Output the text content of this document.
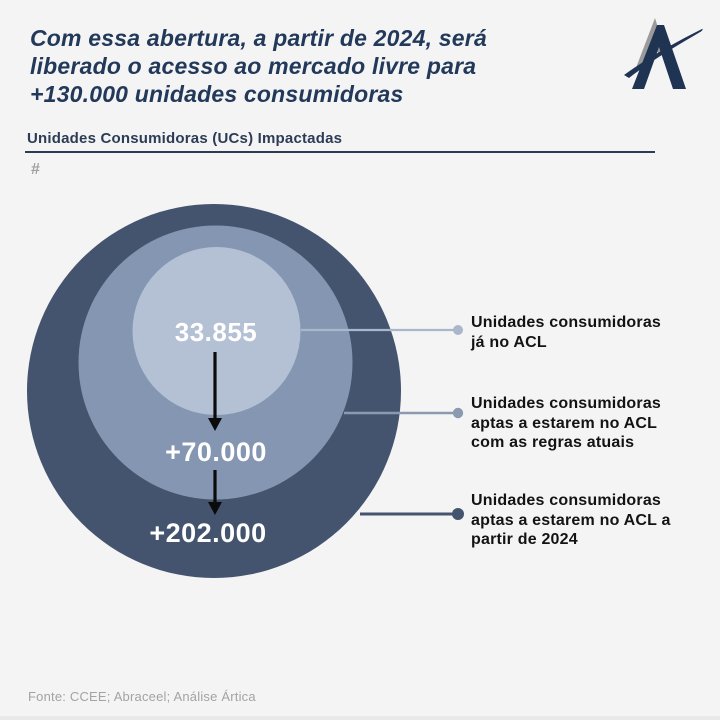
Com essa abertura, a partir de 2024, será
liberado o acesso ao mercado livre para
+130.000 unidades consumidoras
Unidades Consumidoras (UCs) Impactadas
#
33.855
+70.000
+202.000
Unidades consumidoras
já no ACL
Unidades consumidoras
aptas a estarem no ACL
com as regras atuais
Unidades consumidoras
aptas a estarem no ACL a
partir de 2024
Fonte: CCEE; Abraceel; Análise Ártica
